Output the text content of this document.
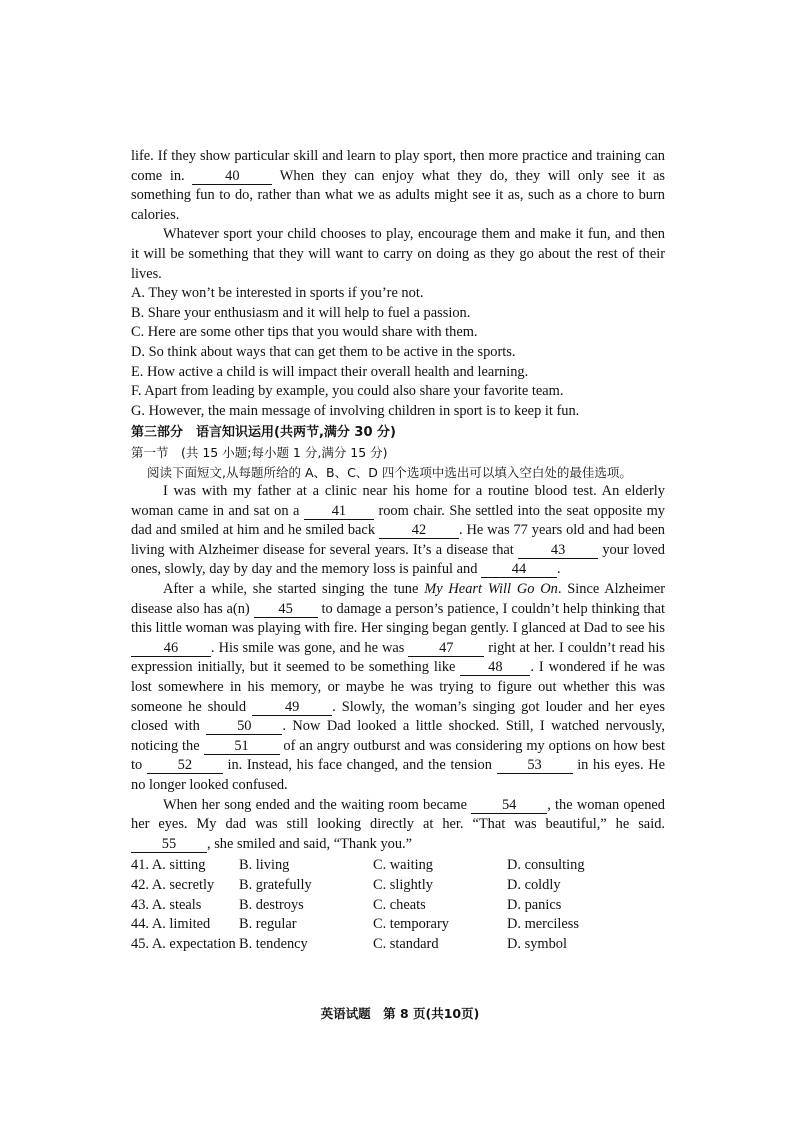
life. If they show particular skill and learn to play sport, then more practice and training can come in.	40	When they can enjoy what they do, they will only see it as something fun to do, rather than what we as adults might see it as, such as a chore to burn calories.

Whatever sport your child chooses to play, encourage them and make it fun, and then it will be something that they will want to carry on doing as they go about the rest of their lives.

A. They won’t be interested in sports if you’re not.

B. Share your enthusiasm and it will help to fuel a passion.

C. Here are some other tips that you would share with them.

D. So think about ways that can get them to be active in the sports.

E. How active a child is will impact their overall health and learning.

F. Apart from leading by example, you could also share your favorite team.

G. However, the main message of involving children in sport is to keep it fun.

第三部分　语言知识运用(共两节,满分 30 分)
第一节　(共 15 小题;每小题 1 分,满分 15 分)
阅读下面短文,从每题所给的 A、B、C、D 四个选项中选出可以填入空白处的最佳选项。

I was with my father at a clinic near his home for a routine blood test. An elderly woman came in and sat on a 41 room chair. She settled into the seat opposite my dad and smiled at him and he smiled back	42 . He was 77 years old and had been living with Alzheimer disease for several years. It’s a disease that	43	your loved ones, slowly, day by day and the memory loss is painful and 44 .

After a while, she started singing the tune My Heart Will Go On. Since Alzheimer disease also has a(n) 45 to damage a person’s patience, I couldn’t help thinking that this little woman was playing with fire. Her singing began gently. I glanced at Dad to see his 46 . His smile was gone, and he was 47 right at her. I couldn’t read his expression initially, but it seemed to be something like 48 . I wondered if he was lost somewhere in his memory, or maybe he was trying to figure out whether this was someone he should	49 . Slowly, the woman’s singing got louder and her eyes closed with	50 . Now Dad looked a little shocked. Still, I watched nervously, noticing the 51 of an angry outburst and was considering my options on how best to 52 in. Instead, his face changed, and the tension 53 in his eyes. He no longer looked confused.

When her song ended and the waiting room became 54 , the woman opened her eyes. My dad was still looking directly at her. “That was beautiful,” he said. 55 , she smiled and said, “Thank you.”

41. A. sitting	B. living	C. waiting	D. consulting
42. A. secretly	B. gratefully	C. slightly	D. coldly
43. A. steals	B. destroys	C. cheats	D. panics
44. A. limited	B. regular	C. temporary	D. merciless
45. A. expectation B. tendency	C. standard	D. symbol
英语试题　第 8 页(共10页)
